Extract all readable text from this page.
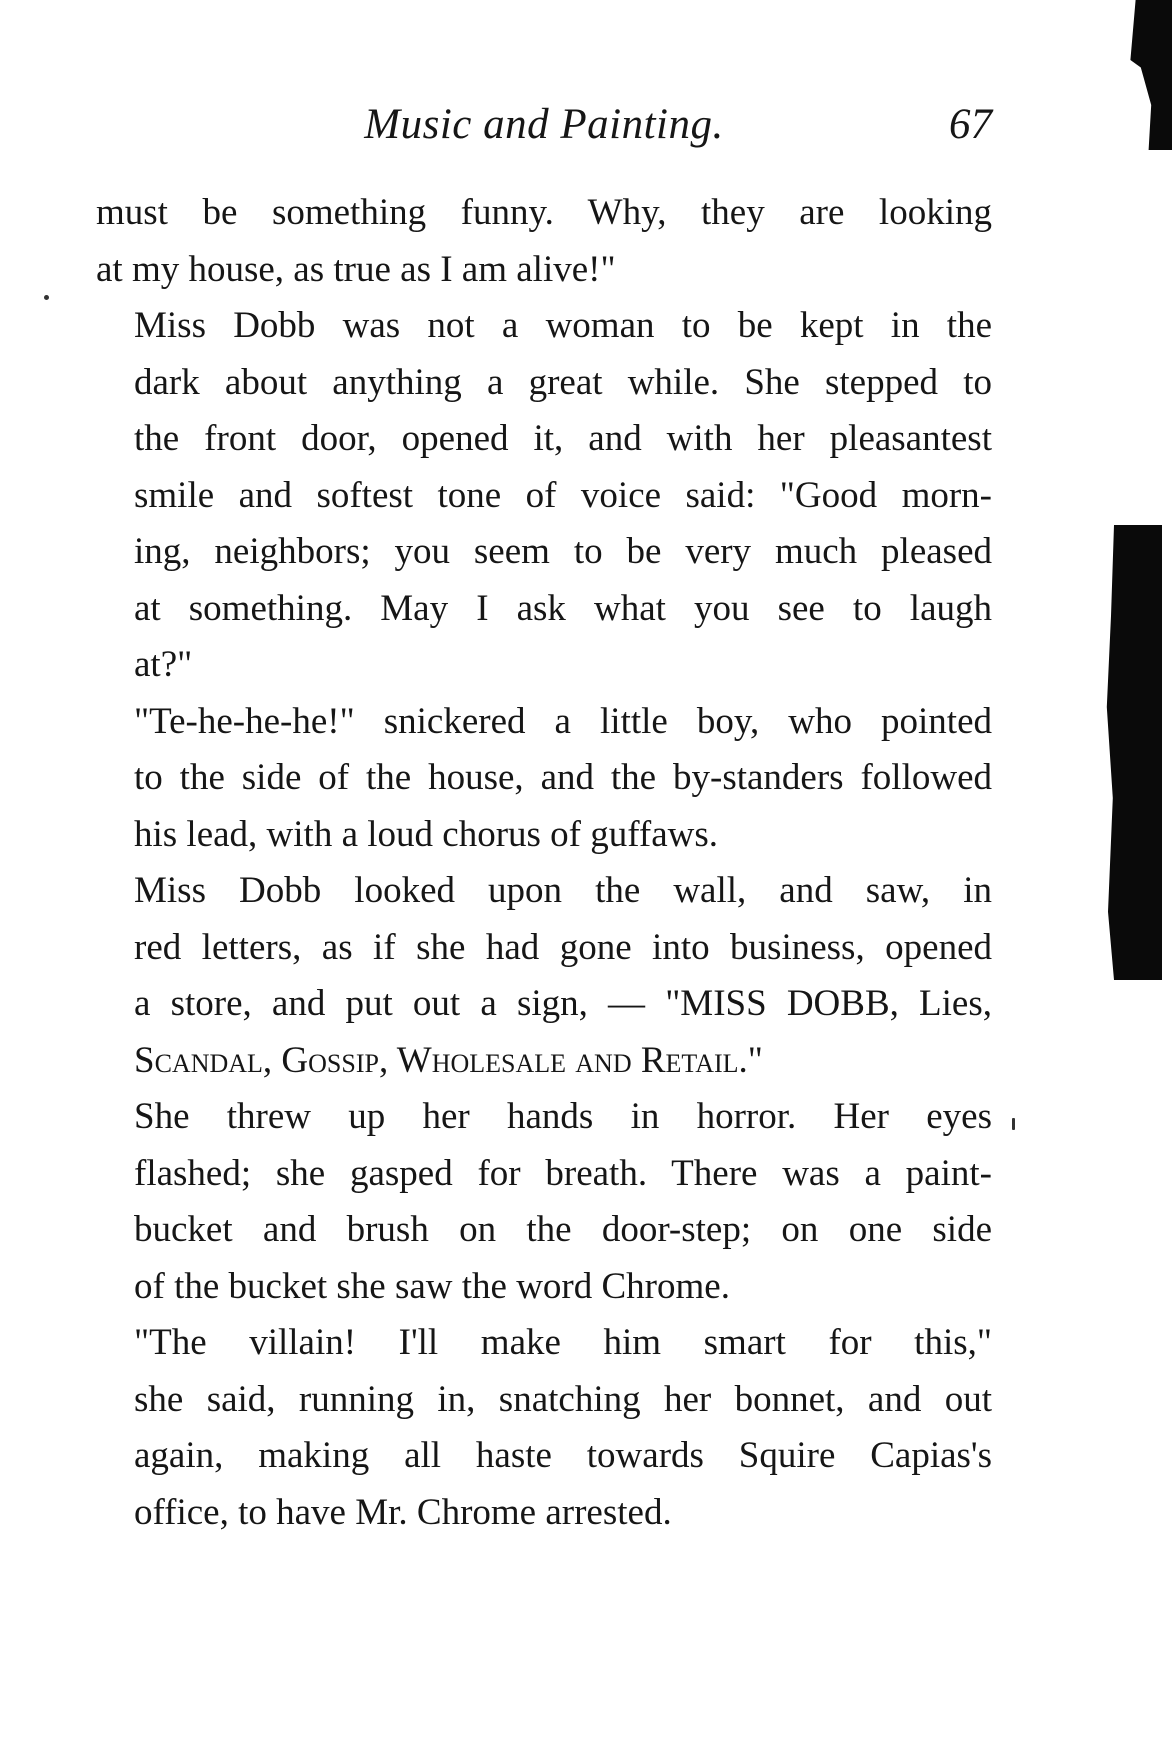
Music and Painting.	67

must be something funny. Why, they are looking
at my house, as true as I am alive!"

Miss Dobb was not a woman to be kept in the
dark about anything a great while. She stepped to
the front door, opened it, and with her pleasantest
smile and softest tone of voice said: "Good morn-
ing, neighbors; you seem to be very much pleased
at something. May I ask what you see to laugh
at?"

"Te-he-he-he!" snickered a little boy, who pointed
to the side of the house, and the by-standers followed
his lead, with a loud chorus of guffaws.

Miss Dobb looked upon the wall, and saw, in
red letters, as if she had gone into business, opened
a store, and put out a sign, — "MISS DOBB, Lies,
Scandal, Gossip, Wholesale and Retail."

She threw up her hands in horror. Her eyes
flashed; she gasped for breath. There was a paint-
bucket and brush on the door-step; on one side
of the bucket she saw the word Chrome.

"The villain! I'll make him smart for this,"
she said, running in, snatching her bonnet, and out
again, making all haste towards Squire Capias's
office, to have Mr. Chrome arrested.
